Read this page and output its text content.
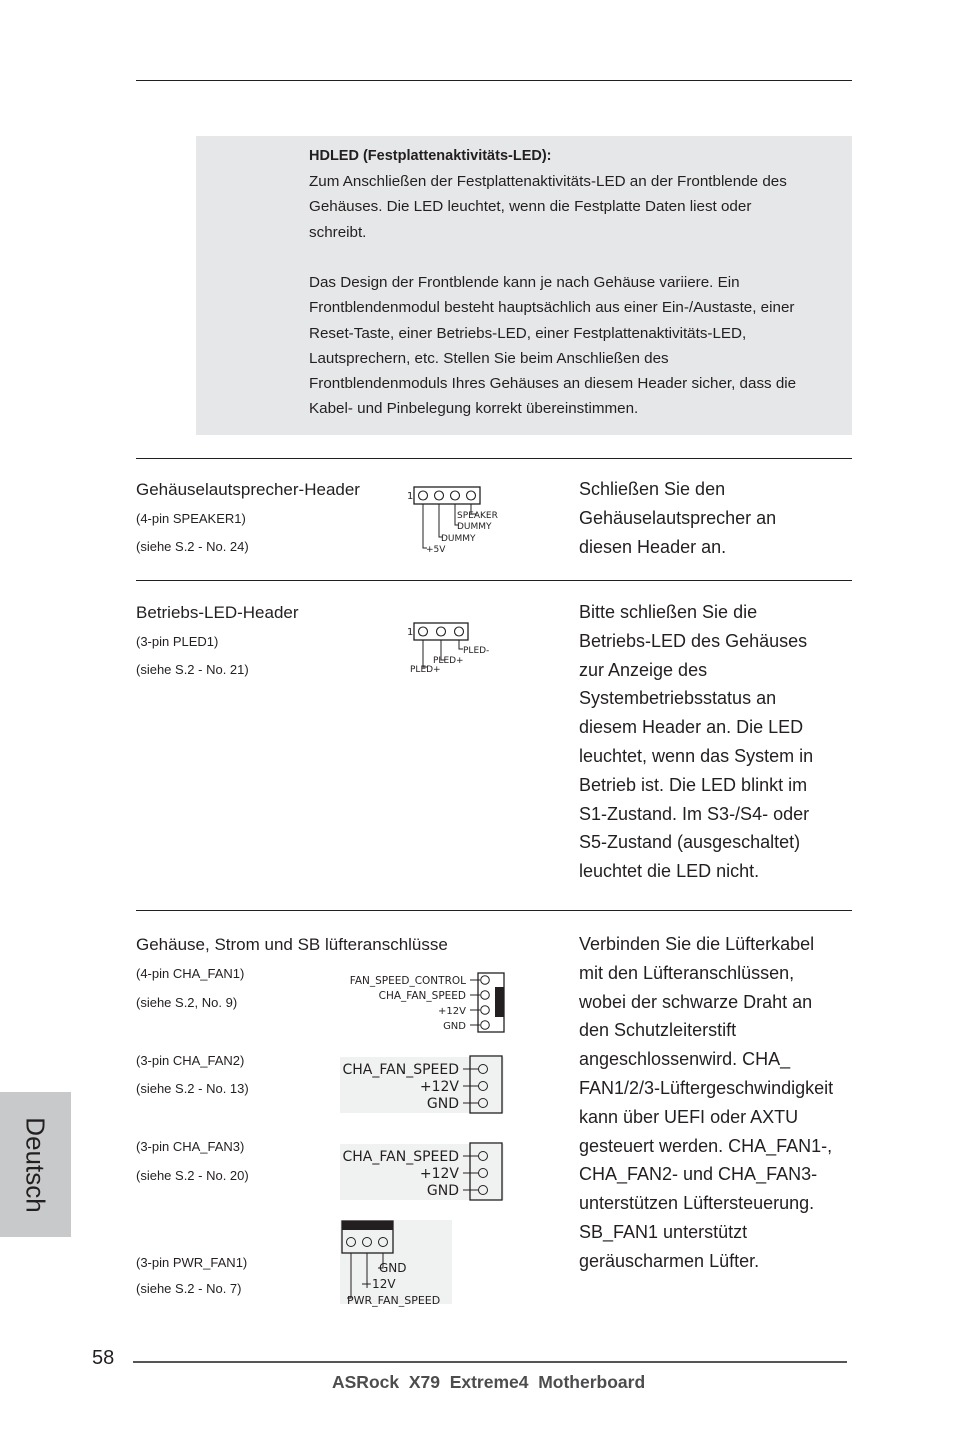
HDLED (Festplattenaktivitäts-LED):
Zum Anschließen der Festplattenaktivitäts-LED an der Frontblende des
Gehäuses. Die LED leuchtet, wenn die Festplatte Daten liest oder
schreibt.
Das Design der Frontblende kann je nach Gehäuse variiere. Ein
Frontblendenmodul besteht hauptsächlich aus einer Ein-/Austaste, einer
Reset-Taste, einer Betriebs-LED, einer Festplattenaktivitäts-LED,
Lautsprechern, etc. Stellen Sie beim Anschließen des
Frontblendenmoduls Ihres Gehäuses an diesem Header sicher, dass die
Kabel- und Pinbelegung korrekt übereinstimmen.
Gehäuselautsprecher-Header
(4-pin SPEAKER1)
(siehe S.2 - No. 24)
1
SPEAKER
DUMMY
DUMMY
+5V
Schließen Sie den
Gehäuselautsprecher an
diesen Header an.
Betriebs-LED-Header
(3-pin PLED1)
(siehe S.2 - No. 21)
1
PLED-
PLED+
PLED+
Bitte schließen Sie die
Betriebs-LED des Gehäuses
zur Anzeige des
Systembetriebsstatus an
diesem Header an. Die LED
leuchtet, wenn das System in
Betrieb ist. Die LED blinkt im
S1-Zustand. Im S3-/S4- oder
S5-Zustand (ausgeschaltet)
leuchtet die LED nicht.
Gehäuse, Strom und SB lüfteranschlüsse
(4-pin CHA_FAN1)
(siehe S.2, No. 9)
FAN_SPEED_CONTROL
CHA_FAN_SPEED
+12V
GND
(3-pin CHA_FAN2)
(siehe S.2 - No. 13)
CHA_FAN_SPEED
+12V
GND
(3-pin CHA_FAN3)
(siehe S.2 - No. 20)
CHA_FAN_SPEED
+12V
GND
(3-pin PWR_FAN1)
(siehe S.2 - No. 7)
GND
+12V
PWR_FAN_SPEED
Verbinden Sie die Lüfterkabel
mit den Lüfteranschlüssen,
wobei der schwarze Draht an
den Schutzleiterstift
angeschlossenwird. CHA_
FAN1/2/3-Lüftergeschwindigkeit
kann über UEFI oder AXTU
gesteuert werden. CHA_FAN1-,
CHA_FAN2- und CHA_FAN3-
unterstützen Lüftersteuerung.
SB_FAN1 unterstützt
geräuscharmen Lüfter.
Deutsch
58
ASRock  X79  Extreme4  Motherboard
